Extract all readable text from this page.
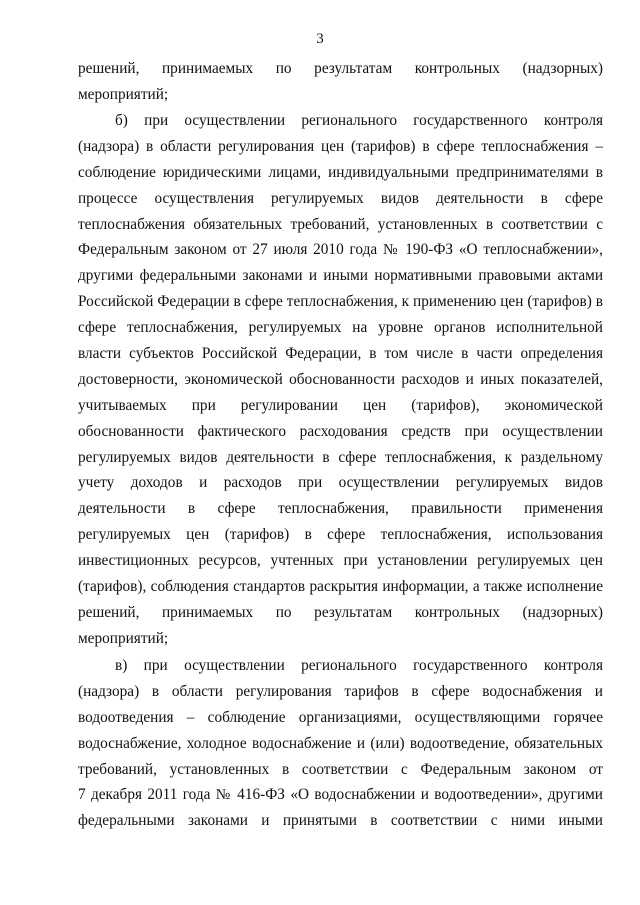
3
решений, принимаемых по результатам контрольных (надзорных)
мероприятий;
б) при осуществлении регионального государственного контроля
(надзора) в области регулирования цен (тарифов) в сфере теплоснабжения –
соблюдение юридическими лицами, индивидуальными предпринимателями в
процессе осуществления регулируемых видов деятельности в сфере
теплоснабжения обязательных требований, установленных в соответствии с
Федеральным законом от 27 июля 2010 года № 190-ФЗ «О теплоснабжении»,
другими федеральными законами и иными нормативными правовыми актами
Российской Федерации в сфере теплоснабжения, к применению цен (тарифов) в
сфере теплоснабжения, регулируемых на уровне органов исполнительной
власти субъектов Российской Федерации, в том числе в части определения
достоверности, экономической обоснованности расходов и иных показателей,
учитываемых при регулировании цен (тарифов), экономической
обоснованности фактического расходования средств при осуществлении
регулируемых видов деятельности в сфере теплоснабжения, к раздельному
учету доходов и расходов при осуществлении регулируемых видов
деятельности в сфере теплоснабжения, правильности применения
регулируемых цен (тарифов) в сфере теплоснабжения, использования
инвестиционных ресурсов, учтенных при установлении регулируемых цен
(тарифов), соблюдения стандартов раскрытия информации, а также исполнение
решений, принимаемых по результатам контрольных (надзорных)
мероприятий;
в) при осуществлении регионального государственного контроля
(надзора) в области регулирования тарифов в сфере водоснабжения и
водоотведения – соблюдение организациями, осуществляющими горячее
водоснабжение, холодное водоснабжение и (или) водоотведение, обязательных
требований, установленных в соответствии с Федеральным законом от
7 декабря 2011 года № 416-ФЗ «О водоснабжении и водоотведении», другими
федеральными законами и принятыми в соответствии с ними иными
